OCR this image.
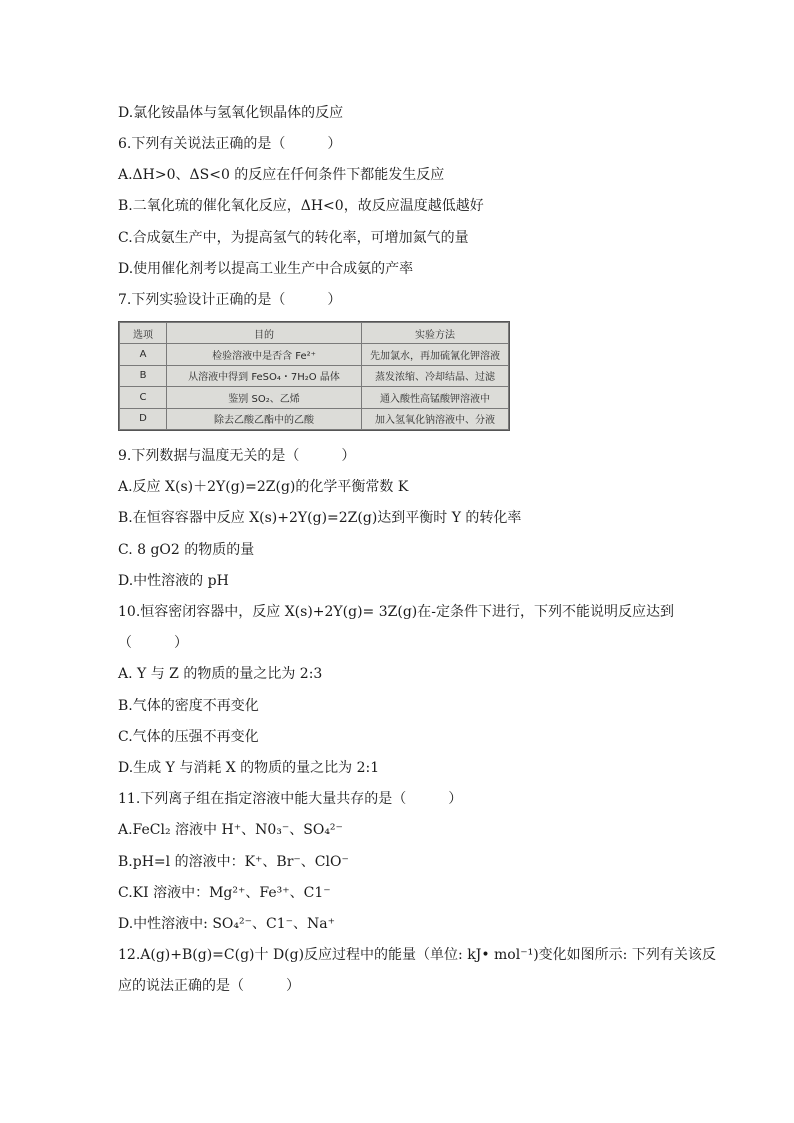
D.氯化铵晶体与氢氧化钡晶体的反应
6.下列有关说法正确的是（　　　）
A.ΔH>0、ΔS<0 的反应在仟何条件下都能发生反应
B.二氧化琉的催化氧化反应，ΔH<0，故反应温度越低越好
C.合成氨生产中，为提高氢气的转化率，可增加氮气的量
D.使用催化剂考以提高工业生产中合成氨的产率
7.下列实验设计正确的是（　　　）
选项	目的	实验方法
A	检验溶液中是否含 Fe²⁺	先加氯水，再加硫氰化钾溶液
B	从溶液中得到 FeSO₄・7H₂O 晶体	蒸发浓缩、冷却结晶、过滤
C	鉴别 SO₂、乙烯	通入酸性高锰酸钾溶液中
D	除去乙酸乙酯中的乙酸	加入氢氧化钠溶液中、分液
9.下列数据与温度无关的是（　　　）
A.反应 X(s)＋2Y(g)=2Z(g)的化学平衡常数 K
B.在恒容容器中反应 X(s)+2Y(g)=2Z(g)达到平衡时 Y 的转化率
C. 8 gO2 的物质的量
D.中性溶液的 pH
10.恒容密闭容器中，反应 X(s)+2Y(g)= 3Z(g)在-定条件下进行，下列不能说明反应达到
（　　　）
A. Y 与 Z 的物质的量之比为 2:3
B.气体的密度不再变化
C.气体的压强不再变化
D.生成 Y 与消耗 X 的物质的量之比为 2:1
11.下列离子组在指定溶液中能大量共存的是（　　　）
A.FeCl₂ 溶液中 H⁺、N0₃⁻、SO₄²⁻
B.pH=l 的溶液中：K⁺、Br⁻、ClO⁻
C.KI 溶液中：Mg²⁺、Fe³⁺、C1⁻
D.中性溶液中: SO₄²⁻、C1⁻、Na⁺
12.A(g)+B(g)=C(g)十 D(g)反应过程中的能量（单位: kJ• mol⁻¹)变化如图所示: 下列有关该反
应的说法正确的是（　　　）
